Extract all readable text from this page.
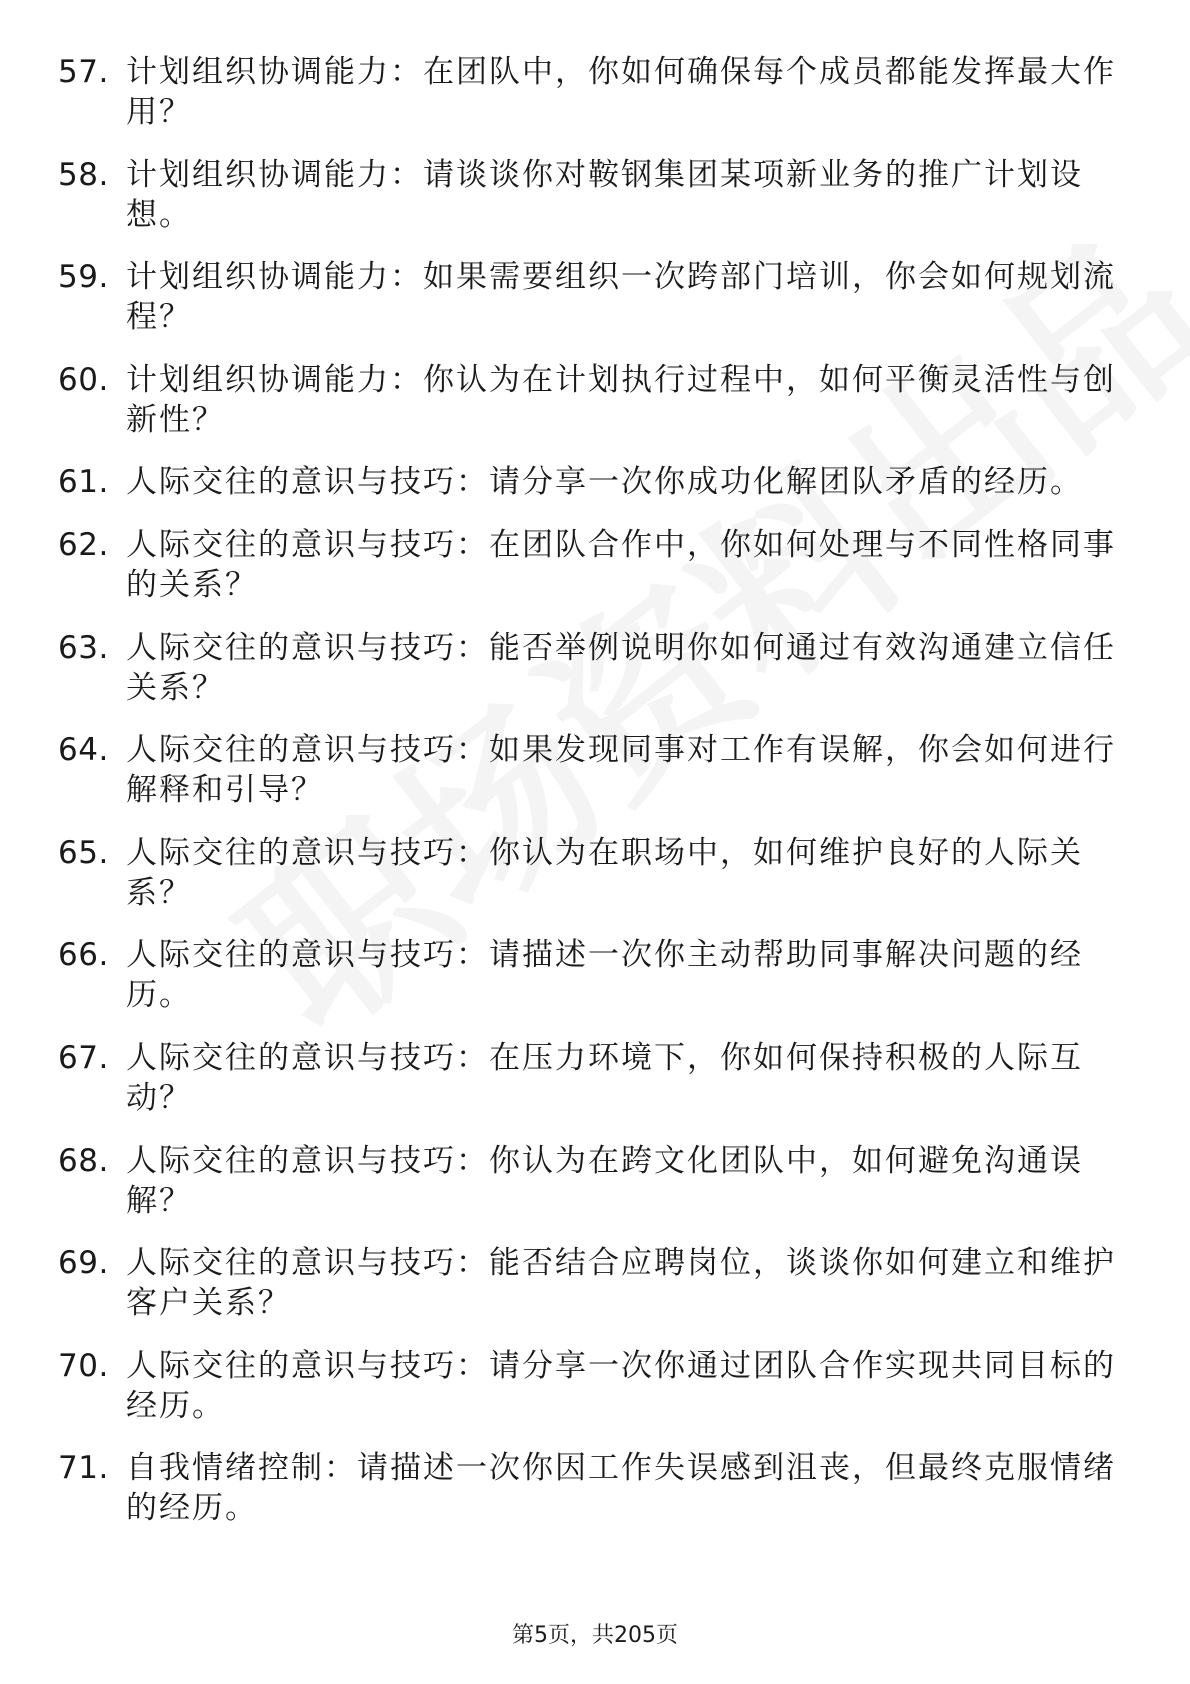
57. 计划组织协调能力：在团队中，你如何确保每个成员都能发挥最大作用？
58. 计划组织协调能力：请谈谈你对鞍钢集团某项新业务的推广计划设想。
59. 计划组织协调能力：如果需要组织一次跨部门培训，你会如何规划流程？
60. 计划组织协调能力：你认为在计划执行过程中，如何平衡灵活性与创新性？
61. 人际交往的意识与技巧：请分享一次你成功化解团队矛盾的经历。
62. 人际交往的意识与技巧：在团队合作中，你如何处理与不同性格同事的关系？
63. 人际交往的意识与技巧：能否举例说明你如何通过有效沟通建立信任关系？
64. 人际交往的意识与技巧：如果发现同事对工作有误解，你会如何进行解释和引导？
65. 人际交往的意识与技巧：你认为在职场中，如何维护良好的人际关系？
66. 人际交往的意识与技巧：请描述一次你主动帮助同事解决问题的经历。
67. 人际交往的意识与技巧：在压力环境下，你如何保持积极的人际互动？
68. 人际交往的意识与技巧：你认为在跨文化团队中，如何避免沟通误解？
69. 人际交往的意识与技巧：能否结合应聘岗位，谈谈你如何建立和维护客户关系？
70. 人际交往的意识与技巧：请分享一次你通过团队合作实现共同目标的经历。
71. 自我情绪控制：请描述一次你因工作失误感到沮丧，但最终克服情绪的经历。
第5页，共205页
